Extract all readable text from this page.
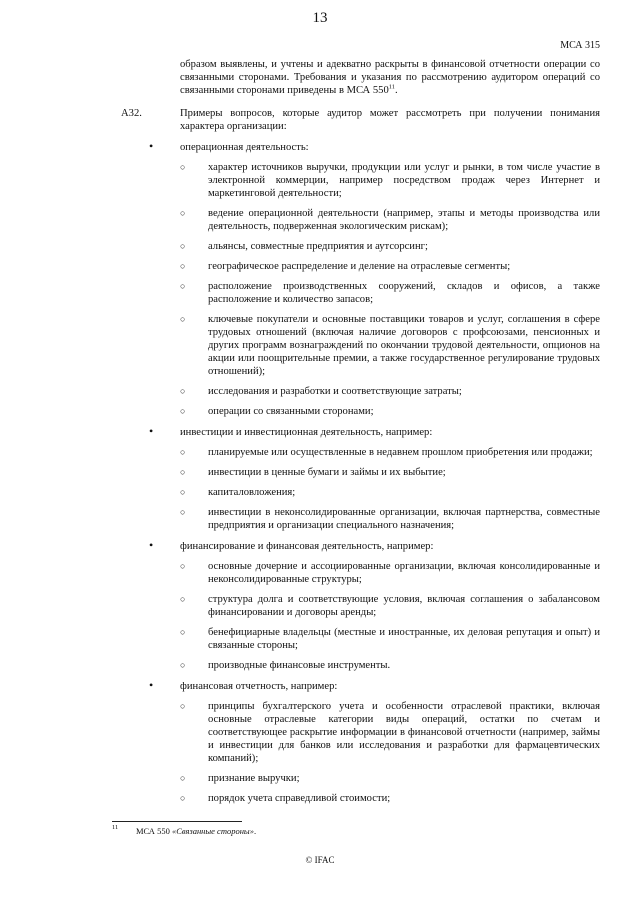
13
МСА 315
образом выявлены, и учтены и адекватно раскрыты в финансовой отчетности операции со связанными сторонами. Требования и указания по рассмотрению аудитором операций со связанными сторонами приведены в МСА $550^{11}$.
A32.	Примеры вопросов, которые аудитор может рассмотреть при получении понимания характера организации:
•	операционная деятельность:
○ характер источников выручки, продукции или услуг и рынки, в том числе участие в электронной коммерции, например посредством продаж через Интернет и маркетинговой деятельности;
○ ведение операционной деятельности (например, этапы и методы производства или деятельность, подверженная экологическим рискам);
○ альянсы, совместные предприятия и аутсорсинг;
○ географическое распределение и деление на отраслевые сегменты;
○ расположение производственных сооружений, складов и офисов, а также расположение и количество запасов;
○ ключевые покупатели и основные поставщики товаров и услуг, соглашения в сфере трудовых отношений (включая наличие договоров с профсоюзами, пенсионных и других программ вознаграждений по окончании трудовой деятельности, опционов на акции или поощрительные премии, а также государственное регулирование трудовых отношений);
○ исследования и разработки и соответствующие затраты;
○ операции со связанными сторонами;
•	инвестиции и инвестиционная деятельность, например:
○ планируемые или осуществленные в недавнем прошлом приобретения или продажи;
○ инвестиции в ценные бумаги и займы и их выбытие;
○ капиталовложения;
○ инвестиции в неконсолидированные организации, включая партнерства, совместные предприятия и организации специального назначения;
•	финансирование и финансовая деятельность, например:
○ основные дочерние и ассоциированные организации, включая консолидированные и неконсолидированные структуры;
○ структура долга и соответствующие условия, включая соглашения о забалансовом финансировании и договоры аренды;
○ бенефициарные владельцы (местные и иностранные, их деловая репутация и опыт) и связанные стороны;
○ производные финансовые инструменты.
•	финансовая отчетность, например:
○ принципы бухгалтерского учета и особенности отраслевой практики, включая основные отраслевые категории виды операций, остатки по счетам и соответствующее раскрытие информации в финансовой отчетности (например, займы и инвестиции для банков или исследования и разработки для фармацевтических компаний);
○ признание выручки;
○ порядок учета справедливой стоимости;
11 МСА 550 «Связанные стороны».
© IFAC
